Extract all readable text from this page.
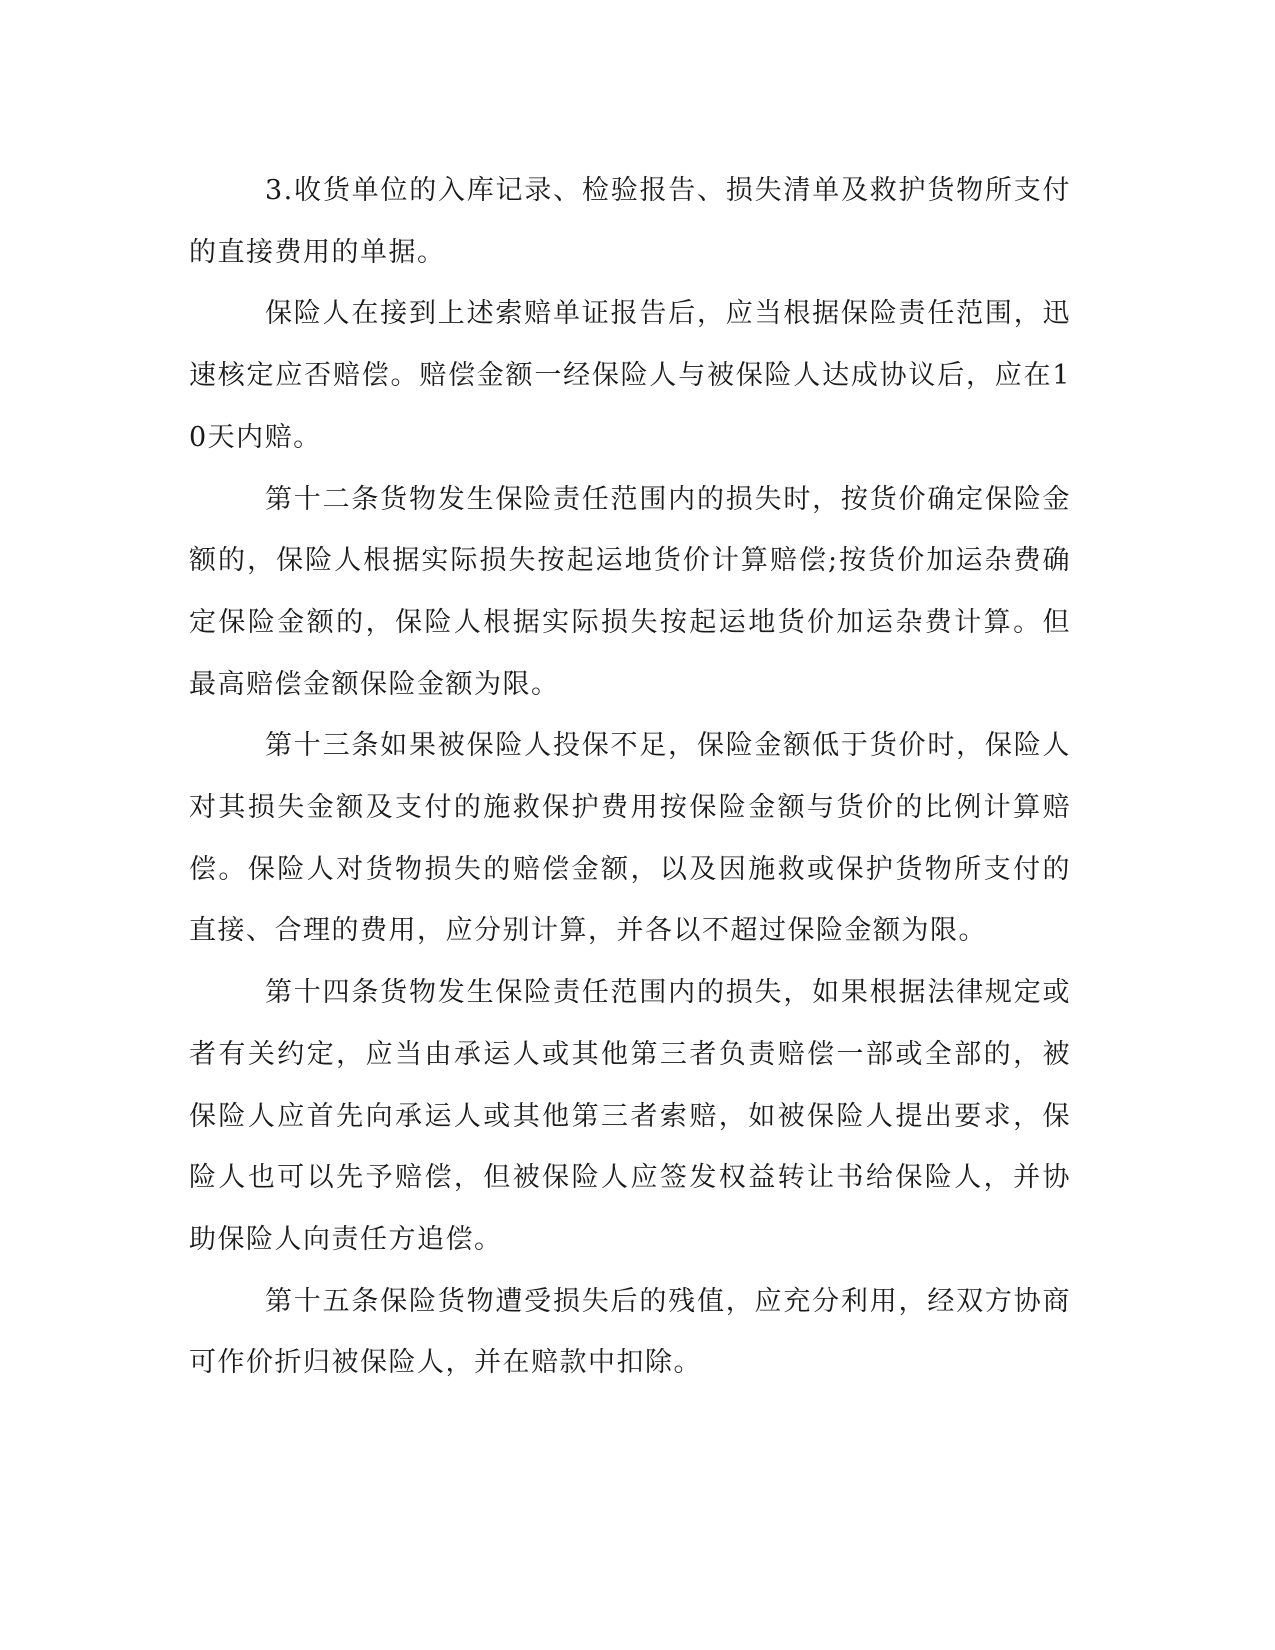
3.收货单位的入库记录、检验报告、损失清单及救护货物所支付的直接费用的单据。

保险人在接到上述索赔单证报告后，应当根据保险责任范围，迅速核定应否赔偿。赔偿金额一经保险人与被保险人达成协议后，应在10天内赔。

第十二条货物发生保险责任范围内的损失时，按货价确定保险金额的，保险人根据实际损失按起运地货价计算赔偿;按货价加运杂费确定保险金额的，保险人根据实际损失按起运地货价加运杂费计算。但最高赔偿金额保险金额为限。

第十三条如果被保险人投保不足，保险金额低于货价时，保险人对其损失金额及支付的施救保护费用按保险金额与货价的比例计算赔偿。保险人对货物损失的赔偿金额，以及因施救或保护货物所支付的直接、合理的费用，应分别计算，并各以不超过保险金额为限。

第十四条货物发生保险责任范围内的损失，如果根据法律规定或者有关约定，应当由承运人或其他第三者负责赔偿一部或全部的，被保险人应首先向承运人或其他第三者索赔，如被保险人提出要求，保险人也可以先予赔偿，但被保险人应签发权益转让书给保险人，并协助保险人向责任方追偿。

第十五条保险货物遭受损失后的残值，应充分利用，经双方协商可作价折归被保险人，并在赔款中扣除。
